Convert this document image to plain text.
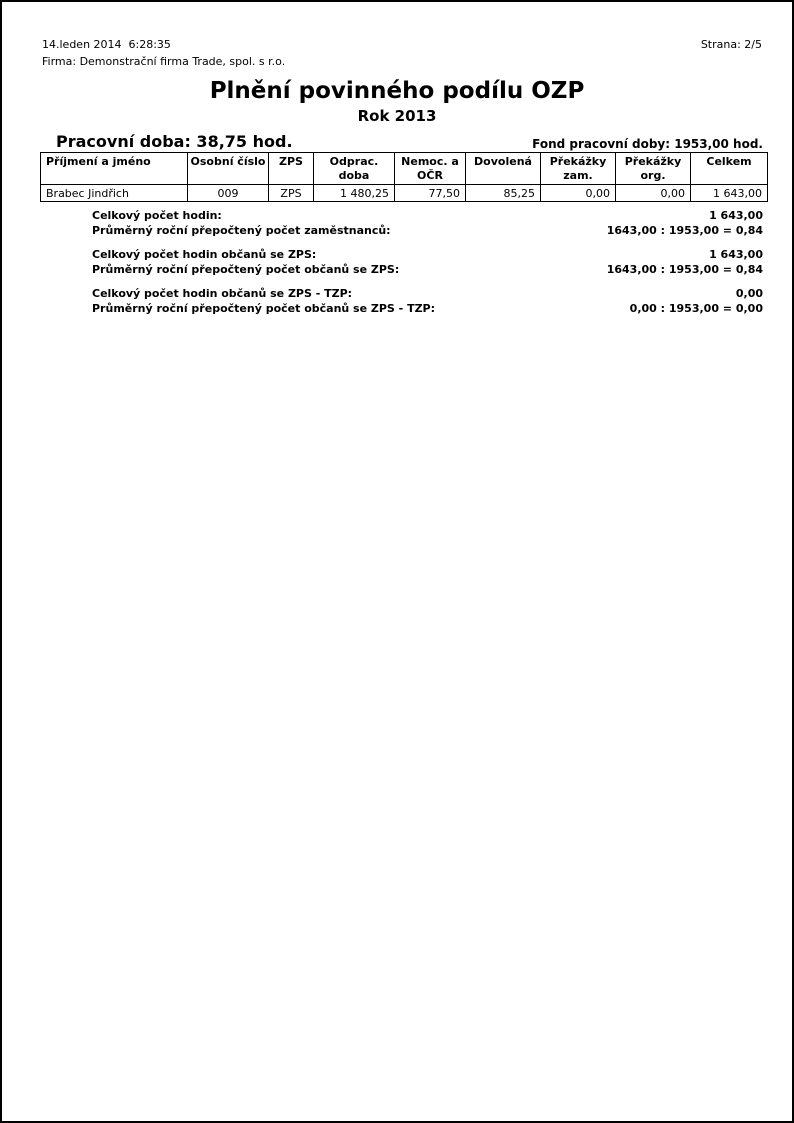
14.leden 2014  6:28:35	Strana: 2/5
Firma: Demonstrační firma Trade, spol. s r.o.
Plnění povinného podílu OZP
Rok 2013
Pracovní doba: 38,75 hod.	Fond pracovní doby: 1953,00 hod.
Příjmení a jméno	Osobní číslo	ZPS	Odprac. doba	Nemoc. a OČR	Dovolená	Překážky zam.	Překážky org.	Celkem
Brabec Jindřich	009	ZPS	1 480,25	77,50	85,25	0,00	0,00	1 643,00
Celkový počet hodin:	1 643,00
Průměrný roční přepočtený počet zaměstnanců:	1643,00 : 1953,00 = 0,84
Celkový počet hodin občanů se ZPS:	1 643,00
Průměrný roční přepočtený počet občanů se ZPS:	1643,00 : 1953,00 = 0,84
Celkový počet hodin občanů se ZPS - TZP:	0,00
Průměrný roční přepočtený počet občanů se ZPS - TZP:	0,00 : 1953,00 = 0,00
